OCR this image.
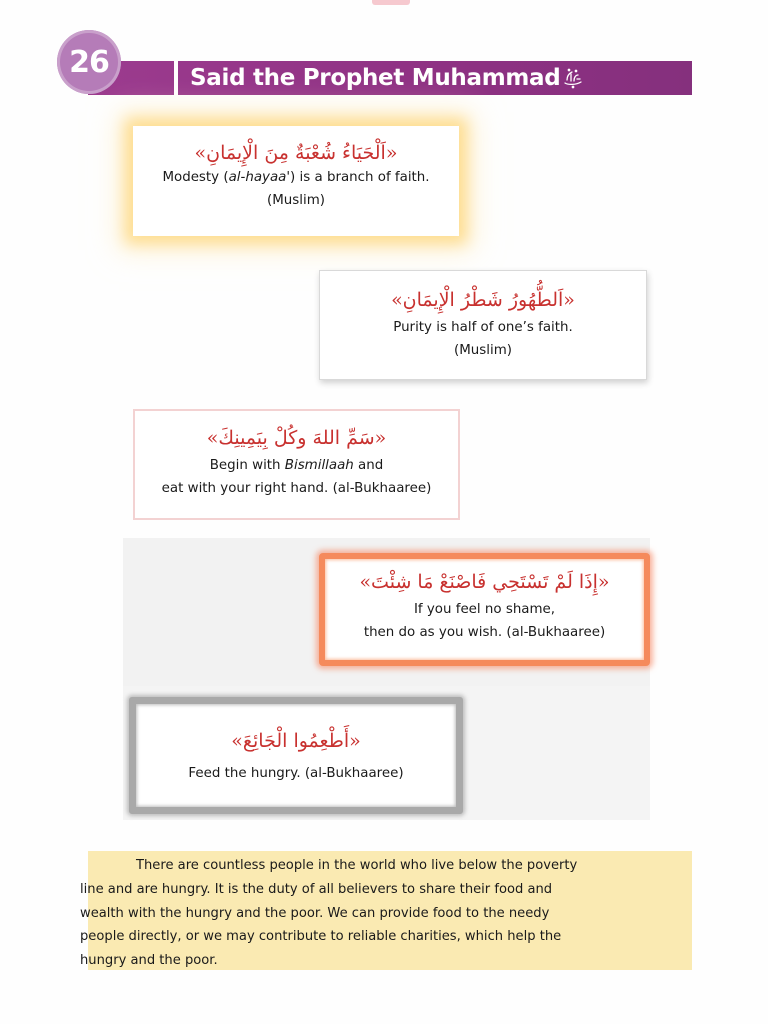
26	Said the Prophet Muhammad
«اَلْحَيَاءُ شُعْبَةٌ مِنَ الْإِيمَانِ»
Modesty (al-hayaa') is a branch of faith.
(Muslim)
«اَلطُّهُورُ شَطْرُ الْإِيمَانِ»
Purity is half of one’s faith.
(Muslim)
«سَمِّ اللهَ وكُلْ بِيَمِينِكَ»
Begin with Bismillaah and
eat with your right hand. (al-Bukhaaree)
«إِذَا لَمْ تَسْتَحِي فَاصْنَعْ مَا شِئْتَ»
If you feel no shame,
then do as you wish. (al-Bukhaaree)
«أَطْعِمُوا الْجَائِعَ»
Feed the hungry. (al-Bukhaaree)

There are countless people in the world who live below the poverty
line and are hungry. It is the duty of all believers to share their food and
wealth with the hungry and the poor. We can provide food to the needy
people directly, or we may contribute to reliable charities, which help the
hungry and the poor.
